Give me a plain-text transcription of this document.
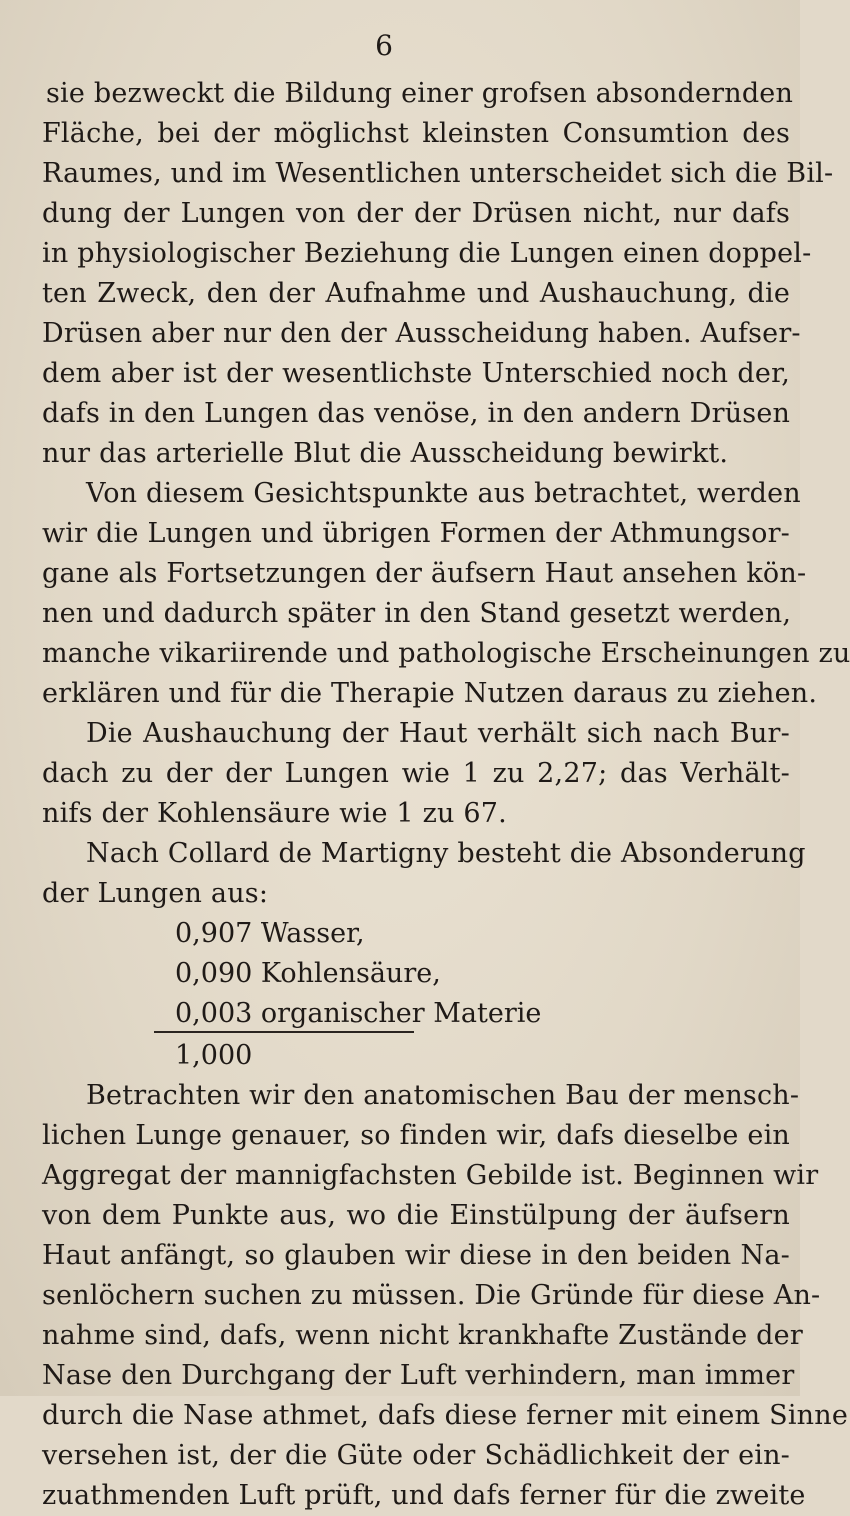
6
sie bezweckt die Bildung einer grofsen absondernden
Fläche, bei der möglichst kleinsten Consumtion des
Raumes, und im Wesentlichen unterscheidet sich die Bil-
dung der Lungen von der der Drüsen nicht, nur dafs
in physiologischer Beziehung die Lungen einen doppel-
ten Zweck, den der Aufnahme und Aushauchung, die
Drüsen aber nur den der Ausscheidung haben. Aufser-
dem aber ist der wesentlichste Unterschied noch der,
dafs in den Lungen das venöse, in den andern Drüsen
nur das arterielle Blut die Ausscheidung bewirkt.
Von diesem Gesichtspunkte aus betrachtet, werden
wir die Lungen und übrigen Formen der Athmungsor-
gane als Fortsetzungen der äufsern Haut ansehen kön-
nen und dadurch später in den Stand gesetzt werden,
manche vikariirende und pathologische Erscheinungen zu
erklären und für die Therapie Nutzen daraus zu ziehen.
Die Aushauchung der Haut verhält sich nach Bur-
dach zu der der Lungen wie 1 zu 2,27; das Verhält-
nifs der Kohlensäure wie 1 zu 67.
Nach Collard de Martigny besteht die Absonderung
der Lungen aus:
0,907 Wasser,
0,090 Kohlensäure,
0,003 organischer Materie
1,000
Betrachten wir den anatomischen Bau der mensch-
lichen Lunge genauer, so finden wir, dafs dieselbe ein
Aggregat der mannigfachsten Gebilde ist. Beginnen wir
von dem Punkte aus, wo die Einstülpung der äufsern
Haut anfängt, so glauben wir diese in den beiden Na-
senlöchern suchen zu müssen. Die Gründe für diese An-
nahme sind, dafs, wenn nicht krankhafte Zustände der
Nase den Durchgang der Luft verhindern, man immer
durch die Nase athmet, dafs diese ferner mit einem Sinne
versehen ist, der die Güte oder Schädlichkeit der ein-
zuathmenden Luft prüft, und dafs ferner für die zweite
